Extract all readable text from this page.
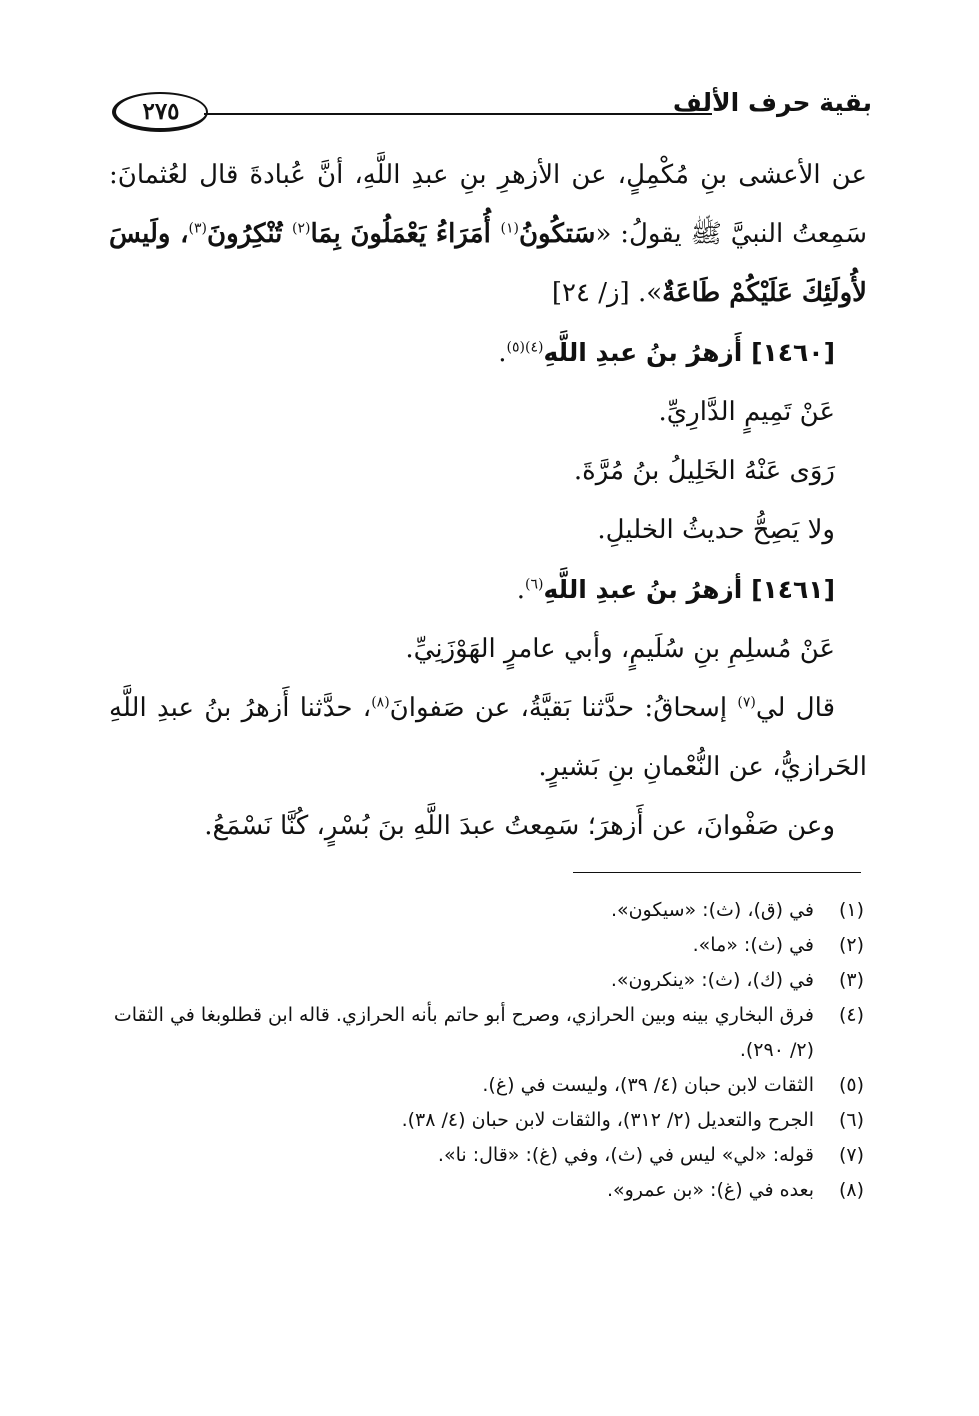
بقية حرف الألف
٢٧٥

عن الأعشى بنِ مُكْمِلٍ، عن الأزهرِ بنِ عبدِ اللَّهِ، أنَّ عُبادةَ قال لعُثمانَ:

سَمِعتُ النبيَّ ﷺ يقولُ: «سَتكُونُ$^{(١)}$ أُمَرَاءُ يَعْمَلُونَ بِمَا$^{(٢)}$ تُنْكِرُونَ$^{(٣)}$، ولَيسَ

لأُولَئِكَ عَلَيْكُمْ طَاعَةٌ». [ز/ ٢٤]

[١٤٦٠] أَزهرُ بنُ عبدِ اللَّهِ$^{(٤)(٥)}$.

عَنْ تَمِيمٍ الدَّارِيِّ.

رَوَى عَنْهُ الخَلِيلُ بنُ مُرَّةَ.

ولا يَصِحُّ حديثُ الخليلِ.

[١٤٦١] أزهرُ بنُ عبدِ اللَّهِ$^{(٦)}$.

عَنْ مُسلِمِ بنِ سُلَيمٍ، وأبي عامرٍ الهَوْزَنِيِّ.

قال لي$^{(٧)}$ إسحاقُ: حدَّثنا بَقيَّةُ، عن صَفوانَ$^{(٨)}$، حدَّثنا أَزهرُ بنُ عبدِ اللَّهِ

الحَرازيُّ، عن النُّعْمانِ بنِ بَشيرٍ.

وعن صَفْوانَ، عن أَزهرَ؛ سَمِعتُ عبدَ اللَّهِ بنَ بُسْرٍ، كُنَّا نَسْمَعُ.

(١)
في (ق)، (ث): «سيكون».
(٢)
في (ث): «ما».
(٣)
في (ك)، (ث): «ينكرون».
(٤)
فرق البخاري بينه وبين الحرازي، وصرح أبو حاتم بأنه الحرازي. قاله ابن قطلوبغا في الثقات (٢/ ٢٩٠).
(٥)
الثقات لابن حبان (٤/ ٣٩)، وليست في (غ).
(٦)
الجرح والتعديل (٢/ ٣١٢)، والثقات لابن حبان (٤/ ٣٨).
(٧)
قوله: «لي» ليس في (ث)، وفي (غ): «قال: نا».
(٨)
بعده في (غ): «بن عمرو».
